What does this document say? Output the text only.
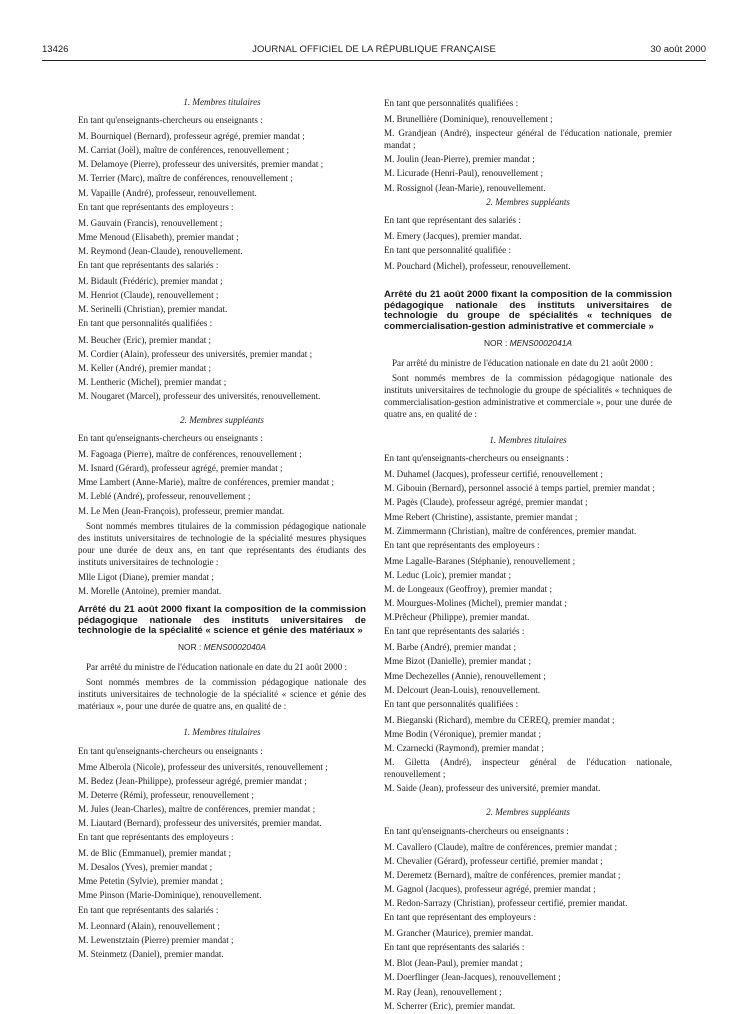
13426	JOURNAL OFFICIEL DE LA RÉPUBLIQUE FRANÇAISE	30 août 2000

1. Membres titulaires

En tant qu'enseignants-chercheurs ou enseignants :

M. Bourniquel (Bernard), professeur agrégé, premier mandat ;

M. Carriat (Joël), maître de conférences, renouvellement ;

M. Delamoye (Pierre), professeur des universités, premier mandat ;

M. Terrier (Marc), maître de conférences, renouvellement ;

M. Vapaille (André), professeur, renouvellement.

En tant que représentants des employeurs :

M. Gauvain (Francis), renouvellement ;

Mme Menoud (Elisabeth), premier mandat ;

M. Reymond (Jean-Claude), renouvellement.

En tant que représentants des salariés :

M. Bidault (Frédéric), premier mandat ;

M. Henriot (Claude), renouvellement ;

M. Serinelli (Christian), premier mandat.

En tant que personnalités qualifiées :

M. Beucher (Eric), premier mandat ;

M. Cordier (Alain), professeur des universités, premier mandat ;

M. Keller (André), premier mandat ;

M. Lentheric (Michel), premier mandat ;

M. Nougaret (Marcel), professeur des universités, renouvellement.

2. Membres suppléants

En tant qu'enseignants-chercheurs ou enseignants :

M. Fagoaga (Pierre), maître de conférences, renouvellement ;

M. Isnard (Gérard), professeur agrégé, premier mandat ;

Mme Lambert (Anne-Marie), maître de conférences, premier mandat ;

M. Leblé (André), professeur, renouvellement ;

M. Le Men (Jean-François), professeur, premier mandat.

Sont nommés membres titulaires de la commission pédagogique nationale des instituts universitaires de technologie de la spécialité mesures physiques pour une durée de deux ans, en tant que représentants des étudiants des instituts universitaires de technologie :

Mlle Ligot (Diane), premier mandat ;

M. Morelle (Antoine), premier mandat.

Arrêté du 21 août 2000 fixant la composition de la commission pédagogique nationale des instituts universitaires de technologie de la spécialité « science et génie des matériaux »

NOR : MENS0002040A

Par arrêté du ministre de l'éducation nationale en date du 21 août 2000 :

Sont nommés membres de la commission pédagogique nationale des instituts universitaires de technologie de la spécialité « science et génie des matériaux », pour une durée de quatre ans, en qualité de :

1. Membres titulaires

En tant qu'enseignants-chercheurs ou enseignants :

Mme Alberola (Nicole), professeur des universités, renouvellement ;

M. Bedez (Jean-Philippe), professeur agrégé, premier mandat ;

M. Deterre (Rémi), professeur, renouvellement ;

M. Jules (Jean-Charles), maître de conférences, premier mandat ;

M. Liautard (Bernard), professeur des universités, premier mandat.

En tant que représentants des employeurs :

M. de Blic (Emmanuel), premier mandat ;

M. Desalos (Yves), premier mandat ;

Mme Petetin (Sylvie), premier mandat ;

Mme Pinson (Marie-Dominique), renouvellement.

En tant que représentants des salariés :

M. Leonnard (Alain), renouvellement ;

M. Lewenstztain (Pierre) premier mandat ;

M. Steinmetz (Daniel), premier mandat.

En tant que personnalités qualifiées :

M. Brunellière (Dominique), renouvellement ;

M. Grandjean (André), inspecteur général de l'éducation nationale, premier mandat ;

M. Joulin (Jean-Pierre), premier mandat ;

M. Licurade (Henri-Paul), renouvellement ;

M. Rossignol (Jean-Marie), renouvellement.

2. Membres suppléants

En tant que représentant des salariés :

M. Emery (Jacques), premier mandat.

En tant que personnalité qualifiée :

M. Pouchard (Michel), professeur, renouvellement.

Arrêté du 21 août 2000 fixant la composition de la commission pédagogique nationale des instituts universitaires de technologie du groupe de spécialités « techniques de commercialisation-gestion administrative et commerciale »

NOR : MENS0002041A

Par arrêté du ministre de l'éducation nationale en date du 21 août 2000 :

Sont nommés membres de la commission pédagogique nationale des instituts universitaires de technologie du groupe de spécialités « techniques de commercialisation-gestion administrative et commerciale », pour une durée de quatre ans, en qualité de :

1. Membres titulaires

En tant qu'enseignants-chercheurs ou enseignants :

M. Duhamel (Jacques), professeur certifié, renouvellement ;

M. Gibouin (Bernard), personnel associé à temps partiel, premier mandat ;

M. Pagès (Claude), professeur agrégé, premier mandat ;

Mme Rebert (Christine), assistante, premier mandat ;

M. Zimmermann (Christian), maître de conférences, premier mandat.

En tant que représentants des employeurs :

Mme Lagalle-Baranes (Stéphanie), renouvellement ;

M. Leduc (Loïc), premier mandat ;

M. de Longeaux (Geoffroy), premier mandat ;

M. Mourgues-Molines (Michel), premier mandat ;

M.Prêcheur (Philippe), premier mandat.

En tant que représentants des salariés :

M. Barbe (André), premier mandat ;

Mme Bizot (Danielle), premier mandat ;

Mme Dechezelles (Annie), renouvellement ;

M. Delcourt (Jean-Louis), renouvellement.

En tant que personnalités qualifiées :

M. Bieganski (Richard), membre du CEREQ, premier mandat ;

Mme Bodin (Véronique), premier mandat ;

M. Czarnecki (Raymond), premier mandat ;

M. Giletta (André), inspecteur général de l'éducation nationale, renouvellement ;

M. Saide (Jean), professeur des université, premier mandat.

2. Membres suppléants

En tant qu'enseignants-chercheurs ou enseignants :

M. Cavallero (Claude), maître de conférences, premier mandat ;

M. Chevalier (Gérard), professeur certifié, premier mandat ;

M. Deremetz (Bernard), maître de conférences, premier mandat ;

M. Gagnol (Jacques), professeur agrégé, premier mandat ;

M. Redon-Sarrazy (Christian), professeur certifié, premier mandat.

En tant que représentant des employeurs :

M. Grancher (Maurice), premier mandat.

En tant que représentants des salariés :

M. Blot (Jean-Paul), premier mandat ;

M. Doerflinger (Jean-Jacques), renouvellement ;

M. Ray (Jean), renouvellement ;

M. Scherrer (Eric), premier mandat.
